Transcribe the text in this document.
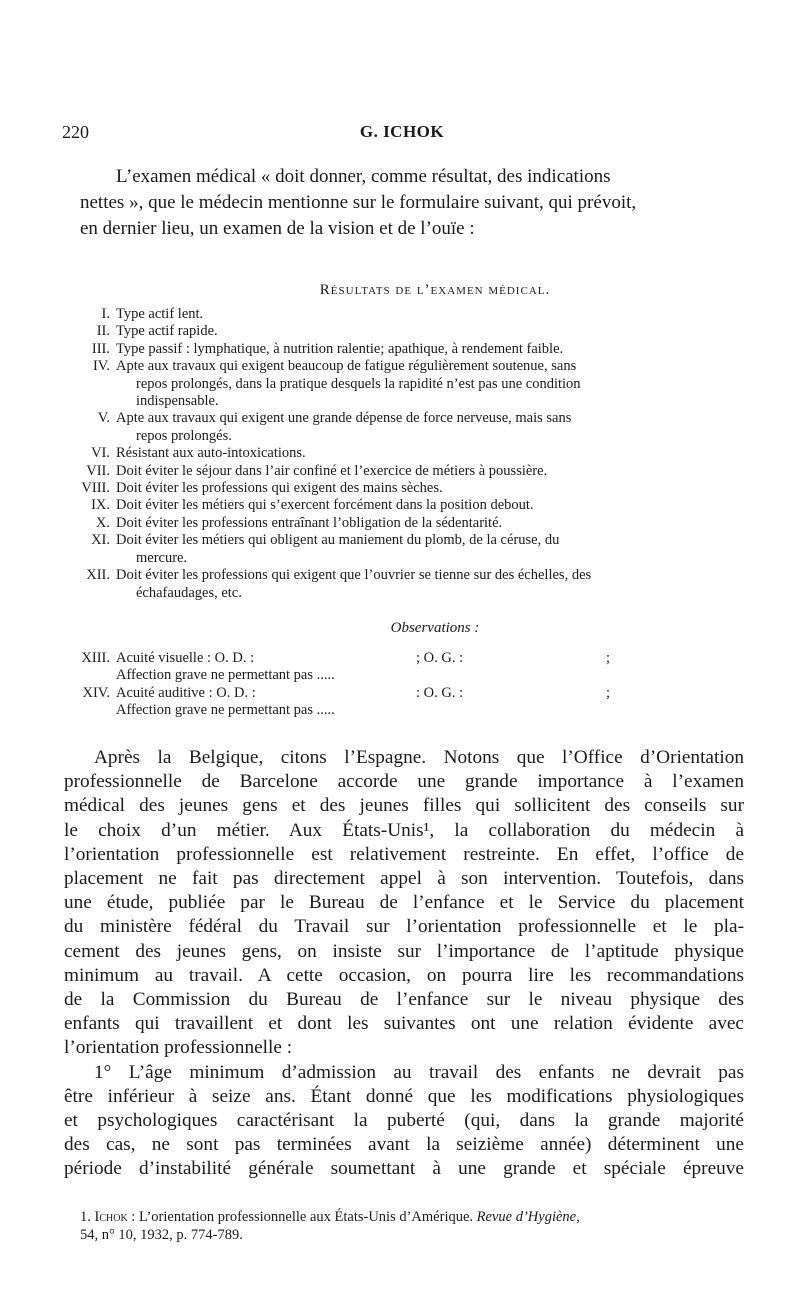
220	G. ICHOK

L’examen médical « doit donner, comme résultat, des indications
nettes », que le médecin mentionne sur le formulaire suivant, qui prévoit,
en dernier lieu, un examen de la vision et de l’ouïe :

Résultats de l’examen médical.
I. Type actif lent.
II. Type actif rapide.
III. Type passif : lymphatique, à nutrition ralentie; apathique, à rendement faible.
IV. Apte aux travaux qui exigent beaucoup de fatigue régulièrement soutenue, sans
repos prolongés, dans la pratique desquels la rapidité n’est pas une condition
indispensable.
V. Apte aux travaux qui exigent une grande dépense de force nerveuse, mais sans
repos prolongés.
VI. Résistant aux auto-intoxications.
VII. Doit éviter le séjour dans l’air confiné et l’exercice de métiers à poussière.
VIII. Doit éviter les professions qui exigent des mains sèches.
IX. Doit éviter les métiers qui s’exercent forcément dans la position debout.
X. Doit éviter les professions entraînant l’obligation de la sédentarité.
XI. Doit éviter les métiers qui obligent au maniement du plomb, de la céruse, du
mercure.
XII. Doit éviter les professions qui exigent que l’ouvrier se tienne sur des échelles, des
échafaudages, etc.
Observations :
XIII. Acuité visuelle : O. D. :	; O. G. :	;
Affection grave ne permettant pas .....
XIV. Acuité auditive : O. D. :	: O. G. :	;
Affection grave ne permettant pas .....
Après la Belgique, citons l’Espagne. Notons que l’Office d’Orientation
professionnelle de Barcelone accorde une grande importance à l’examen
médical des jeunes gens et des jeunes filles qui sollicitent des conseils sur
le choix d’un métier. Aux États-Unis¹, la collaboration du médecin à
l’orientation professionnelle est relativement restreinte. En effet, l’office de
placement ne fait pas directement appel à son intervention. Toutefois, dans
une étude, publiée par le Bureau de l’enfance et le Service du placement
du ministère fédéral du Travail sur l’orientation professionnelle et le pla-
cement des jeunes gens, on insiste sur l’importance de l’aptitude physique
minimum au travail. A cette occasion, on pourra lire les recommandations
de la Commission du Bureau de l’enfance sur le niveau physique des
enfants qui travaillent et dont les suivantes ont une relation évidente avec
l’orientation professionnelle :
1° L’âge minimum d’admission au travail des enfants ne devrait pas
être inférieur à seize ans. Étant donné que les modifications physiologiques
et psychologiques caractérisant la puberté (qui, dans la grande majorité
des cas, ne sont pas terminées avant la seizième année) déterminent une
période d’instabilité générale soumettant à une grande et spéciale épreuve
1. Ichok : L’orientation professionnelle aux États-Unis d’Amérique. Revue d’Hygiène,
54, n° 10, 1932, p. 774-789.
